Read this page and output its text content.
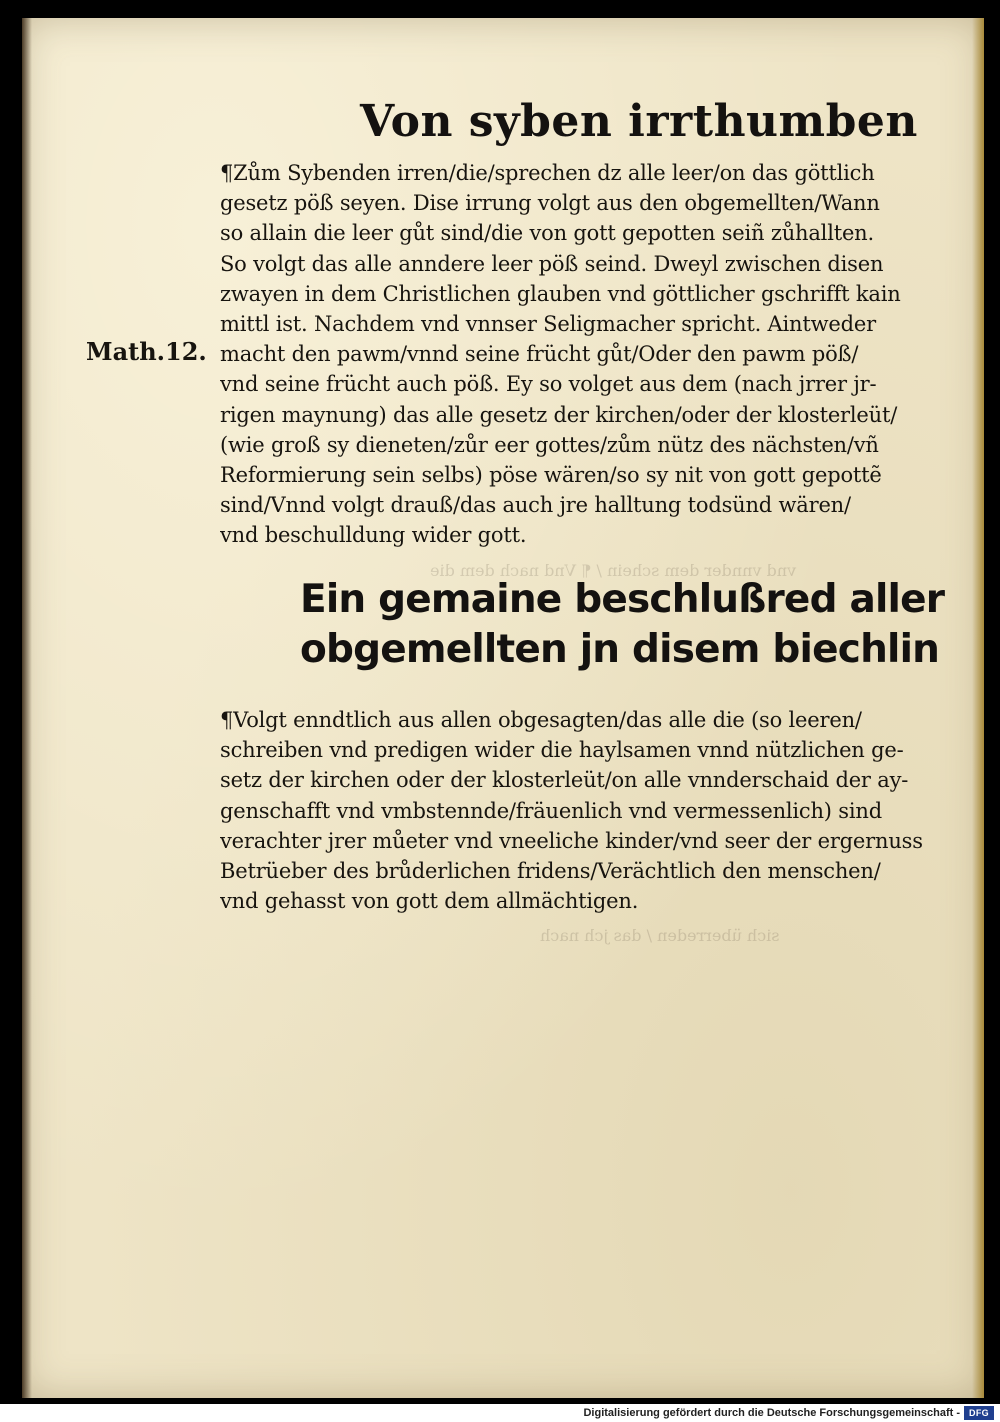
vnd vnnder dem schein / ¶ Vnd nach dem die
sich überreden / das jch nach
Von syben irrthumben
Math.12.
¶Zům Sybenden irren/die/sprechen dz alle leer/on das göttlich
gesetz pöß seyen. Dise irrung volgt aus den obgemellten/Wann
so allain die leer gůt sind/die von gott gepotten seiñ zůhallten.
So volgt das alle anndere leer pöß seind. Dweyl zwischen disen
zwayen in dem Christlichen glauben vnd göttlicher gschrifft kain
mittl ist. Nachdem vnd vnnser Seligmacher spricht. Aintweder
macht den pawm/vnnd seine frücht gůt/Oder den pawm pöß/
vnd seine frücht auch pöß. Ey so volget aus dem (nach jrrer jr-
rigen maynung) das alle gesetz der kirchen/oder der klosterleüt/
(wie groß sy dieneten/zůr eer gottes/zům nütz des nächsten/vñ
Reformierung sein selbs) pöse wären/so sy nit von gott gepottẽ
sind/Vnnd volgt drauß/das auch jre halltung todsünd wären/
vnd beschulldung wider gott.
Ein gemaine beschlußred aller
obgemellten jn disem biechlin
¶Volgt enndtlich aus allen obgesagten/das alle die (so leeren/
schreiben vnd predigen wider die haylsamen vnnd nützlichen ge-
setz der kirchen oder der klosterleüt/on alle vnnderschaid der ay-
genschafft vnd vmbstennde/fräuenlich vnd vermessenlich) sind
verachter jrer můeter vnd vneeliche kinder/vnd seer der ergernuss
Betrüeber des brůderlichen fridens/Verächtlich den menschen/
vnd gehasst von gott dem allmächtigen.
Digitalisierung gefördert durch die Deutsche Forschungsgemeinschaft -	DFG
